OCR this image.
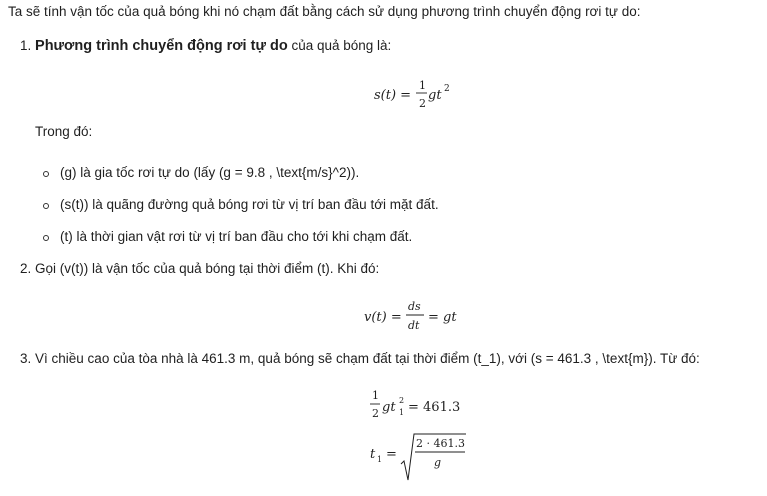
Ta sẽ tính vận tốc của quả bóng khi nó chạm đất bằng cách sử dụng phương trình chuyển động rơi tự do:
1. Phương trình chuyển động rơi tự do của quả bóng là:
s(t) =
1
2
gt 2
Trong đó:
(g) là gia tốc rơi tự do (lấy (g = 9.8 , \text{m/s}^2)).
(s(t)) là quãng đường quả bóng rơi từ vị trí ban đầu tới mặt đất.
(t) là thời gian vật rơi từ vị trí ban đầu cho tới khi chạm đất.
2. Gọi (v(t)) là vận tốc của quả bóng tại thời điểm (t). Khi đó:
v(t) =
ds
dt
= gt
3. Vì chiều cao của tòa nhà là 461.3 m, quả bóng sẽ chạm đất tại thời điểm (t_1), với (s = 461.3 , \text{m}). Từ đó:
1
2 gt 2
1 = 461.3
t 1 =
2 · 461.3
g
